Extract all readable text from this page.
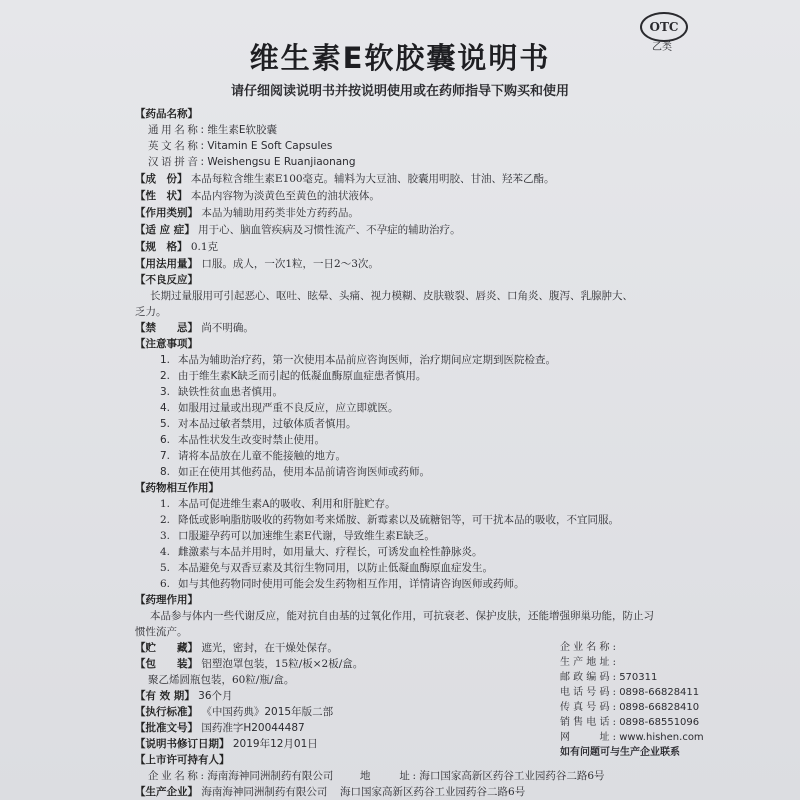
OTC
乙类
维生素E软胶囊说明书
请仔细阅读说明书并按说明使用或在药师指导下购买和使用
【 药品名称 】
通用名称: 维生素E软胶囊
英文名称: Vitamin E Soft Capsules
汉语拼音: Weishengsu E Ruanjiaonang
【 成　份 】 本品每粒含维生素E100毫克。辅料为大豆油、胶囊用明胶、甘油、羟苯乙酯。
【 性　状 】 本品内容物为淡黄色至黄色的油状液体。
【 作用类别 】 本品为辅助用药类非处方药药品。
【 适 应 症 】 用于心、脑血管疾病及习惯性流产、不孕症的辅助治疗。
【 规　格 】 0.1克
【 用法用量 】 口服。成人，一次1粒，一日2～3次。
【 不良反应 】
长期过量服用可引起恶心、呕吐、眩晕、头痛、视力模糊、皮肤皲裂、唇炎、口角炎、腹泻、乳腺肿大、
乏力。
【 禁　　忌 】 尚不明确。
【 注意事项 】
1. 本品为辅助治疗药，第一次使用本品前应咨询医师，治疗期间应定期到医院检查。
2. 由于维生素K缺乏而引起的低凝血酶原血症患者慎用。
3. 缺铁性贫血患者慎用。
4. 如服用过量或出现严重不良反应，应立即就医。
5. 对本品过敏者禁用，过敏体质者慎用。
6. 本品性状发生改变时禁止使用。
7. 请将本品放在儿童不能接触的地方。
8. 如正在使用其他药品，使用本品前请咨询医师或药师。
【 药物相互作用 】
1. 本品可促进维生素A的吸收、利用和肝脏贮存。
2. 降低或影响脂肪吸收的药物如考来烯胺、新霉素以及硫糖铝等，可干扰本品的吸收，不宜同服。
3. 口服避孕药可以加速维生素E代谢，导致维生素E缺乏。
4. 雌激素与本品并用时，如用量大、疗程长，可诱发血栓性静脉炎。
5. 本品避免与双香豆素及其衍生物同用，以防止低凝血酶原血症发生。
6. 如与其他药物同时使用可能会发生药物相互作用，详情请咨询医师或药师。
【 药理作用 】
本品参与体内一些代谢反应，能对抗自由基的过氧化作用，可抗衰老、保护皮肤，还能增强卵巢功能，防止习
惯性流产。
【 贮　　藏 】 遮光，密封，在干燥处保存。
【 包　　装 】 铝塑泡罩包装，15粒/板×2板/盒。
聚乙烯圆瓶包装，60粒/瓶/盒。
【 有 效 期 】 36个月
【 执行标准 】 《中国药典》2015年版二部
【 批准文号 】 国药准字H20044487
【 说明书修订日期 】 2019年12月01日
【 上市许可持有人 】
企业名称: 海南海神同洲制药有限公司	地　　址: 海口国家高新区药谷工业园药谷二路6号
【 生产企业 】 海南海神同洲制药有限公司 海口国家高新区药谷工业园药谷二路6号
企业名称:
生产地址:
邮政编码: 570311
电话号码: 0898-66828411
传真号码: 0898-66828410
销售电话: 0898-68551096
网　　址: www.hishen.com
如有问题可与生产企业联系
